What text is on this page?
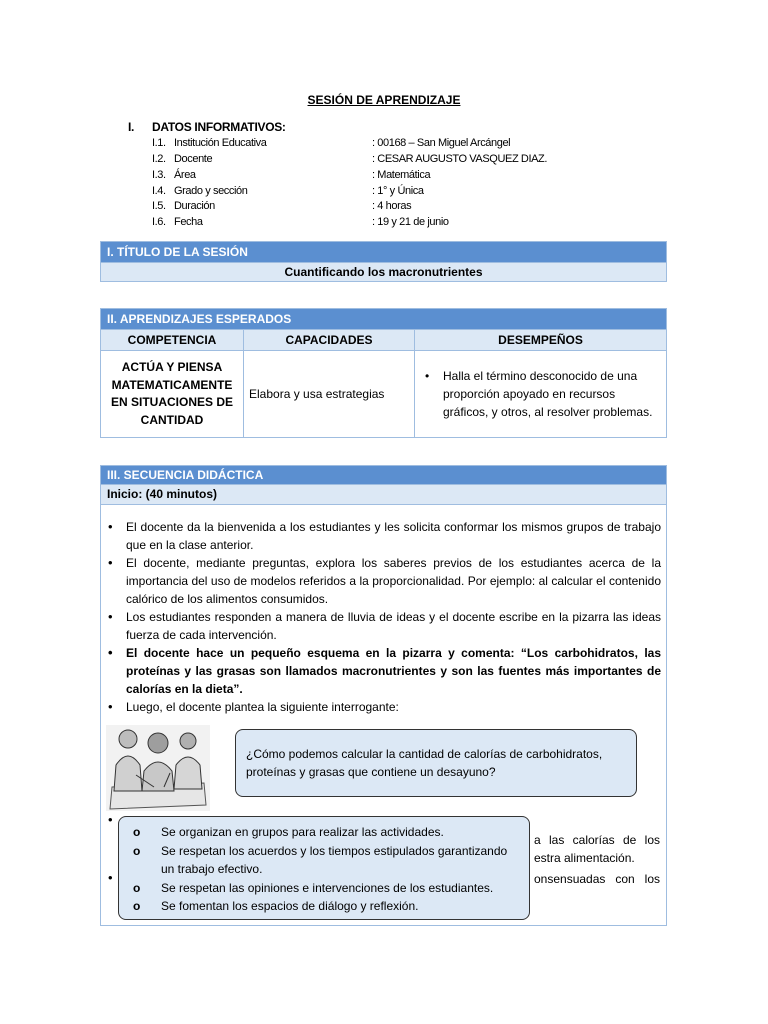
SESIÓN DE APRENDIZAJE
I. DATOS INFORMATIVOS:
I.1. Institución Educativa	: 00168 – San Miguel Arcángel
I.2. Docente	: CESAR AUGUSTO VASQUEZ DIAZ.
I.3. Área	: Matemática
I.4. Grado y sección	: 1° y Única
I.5. Duración	: 4 horas
I.6. Fecha	: 19 y 21 de junio
I. TÍTULO DE LA SESIÓN
Cuantificando los macronutrientes
II. APRENDIZAJES ESPERADOS
COMPETENCIA	CAPACIDADES	DESEMPEÑOS
ACTÚA Y PIENSA MATEMATICAMENTE EN SITUACIONES DE CANTIDAD	Elabora y usa estrategias	• Halla el término desconocido de una proporción apoyado en recursos gráficos, y otros, al resolver problemas.
III. SECUENCIA DIDÁCTICA
Inicio: (40 minutos)
• El docente da la bienvenida a los estudiantes y les solicita conformar los mismos grupos de trabajo que en la clase anterior.
• El docente, mediante preguntas, explora los saberes previos de los estudiantes acerca de la importancia del uso de modelos referidos a la proporcionalidad. Por ejemplo: al calcular el contenido calórico de los alimentos consumidos.
• Los estudiantes responden a manera de lluvia de ideas y el docente escribe en la pizarra las ideas fuerza de cada intervención.
• El docente hace un pequeño esquema en la pizarra y comenta: “Los carbohidratos, las proteínas y las grasas son llamados macronutrientes y son las fuentes más importantes de calorías en la dieta”.
• Luego, el docente plantea la siguiente interrogante:
¿Cómo podemos calcular la cantidad de calorías de carbohidratos, proteínas y grasas que contiene un desayuno?
•
•
a las calorías de los
estra alimentación.
onsensuadas con los
o Se organizan en grupos para realizar las actividades.
o Se respetan los acuerdos y los tiempos estipulados garantizando un trabajo efectivo.
o Se respetan las opiniones e intervenciones de los estudiantes.
o Se fomentan los espacios de diálogo y reflexión.
